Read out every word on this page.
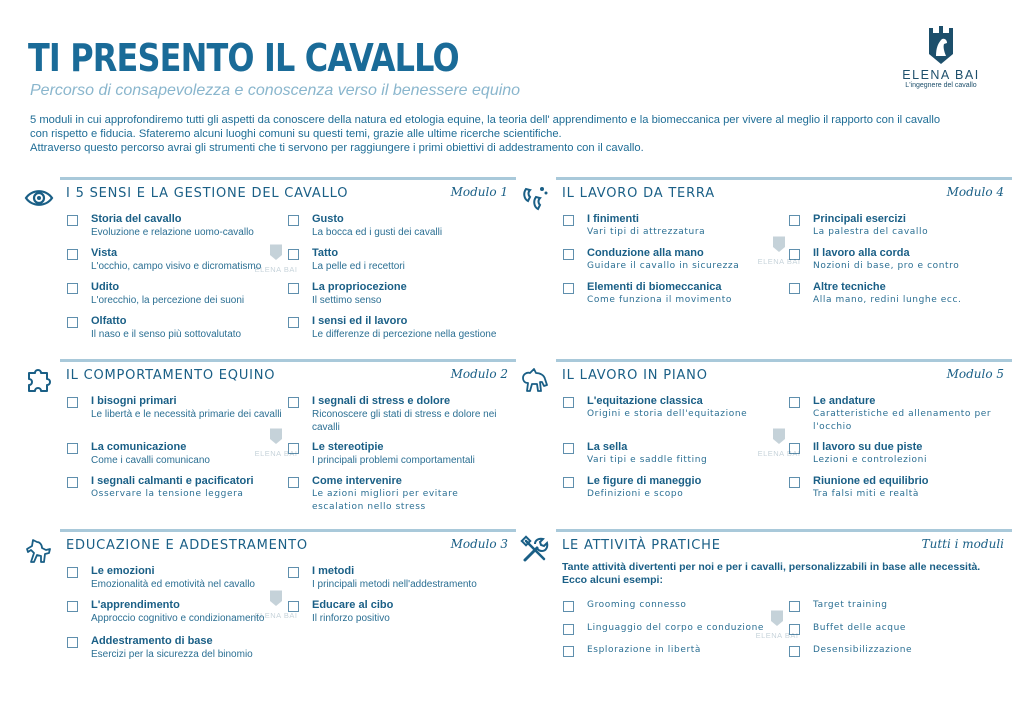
TI PRESENTO IL CAVALLO
Percorso di consapevolezza e conoscenza verso il benessere equino

5 moduli in cui approfondiremo tutti gli aspetti da conoscere della natura ed etologia equine, la teoria dell' apprendimento e la biomeccanica per vivere al meglio il rapporto con il cavallo

con rispetto e fiducia. Sfateremo alcuni luoghi comuni su questi temi, grazie alle ultime ricerche scientifiche.

Attraverso questo percorso avrai gli strumenti che ti servono per raggiungere i primi obiettivi di addestramento con il cavallo.

ELENA BAI
L'ingegnere del cavallo
I 5 SENSI E LA GESTIONE DEL CAVALLO	Modulo 1
Storia del cavallo
Evoluzione e relazione uomo-cavallo
Vista
L'occhio, campo visivo e dicromatismo
Udito
L'orecchio, la percezione dei suoni
Olfatto
Il naso e il senso più sottovalutato
Gusto
La bocca ed i gusti dei cavalli
Tatto
La pelle ed i recettori
La propriocezione
Il settimo senso
I sensi ed il lavoro
Le differenze di percezione nella gestione
ELENA BAI
IL LAVORO DA TERRA	Modulo 4
I finimenti
Vari tipi di attrezzatura
Conduzione alla mano
Guidare il cavallo in sicurezza
Elementi di biomeccanica
Come funziona il movimento
Principali esercizi
La palestra del cavallo
Il lavoro alla corda
Nozioni di base, pro e contro
Altre tecniche
Alla mano, redini lunghe ecc.
ELENA BAI
IL COMPORTAMENTO EQUINO	Modulo 2
I bisogni primari
Le libertà e le necessità primarie dei cavalli
La comunicazione
Come i cavalli comunicano
I segnali calmanti e pacificatori
Osservare la tensione leggera
I segnali di stress e dolore
Riconoscere gli stati di stress e dolore nei cavalli
Le stereotipie
I principali problemi comportamentali
Come intervenire
Le azioni migliori per evitare escalation nello stress
ELENA BAI
IL LAVORO IN PIANO	Modulo 5
L'equitazione classica
Origini e storia dell'equitazione
La sella
Vari tipi e saddle fitting
Le figure di maneggio
Definizioni e scopo
Le andature
Caratteristiche ed allenamento per l'occhio
Il lavoro su due piste
Lezioni e controlezioni
Riunione ed equilibrio
Tra falsi miti e realtà
ELENA BAI
EDUCAZIONE E ADDESTRAMENTO	Modulo 3
Le emozioni
Emozionalità ed emotività nel cavallo
L'apprendimento
Approccio cognitivo e condizionamento
Addestramento di base
Esercizi per la sicurezza del binomio
I metodi
I principali metodi nell'addestramento
Educare al cibo
Il rinforzo positivo
ELENA BAI
LE ATTIVITÀ PRATICHE	Tutti i moduli
Tante attività divertenti per noi e per i cavalli, personalizzabili in base alle necessità. Ecco alcuni esempi:
Grooming connesso
Linguaggio del corpo e conduzione
Esplorazione in libertà
Target training
Buffet delle acque
Desensibilizzazione
ELENA BAI
